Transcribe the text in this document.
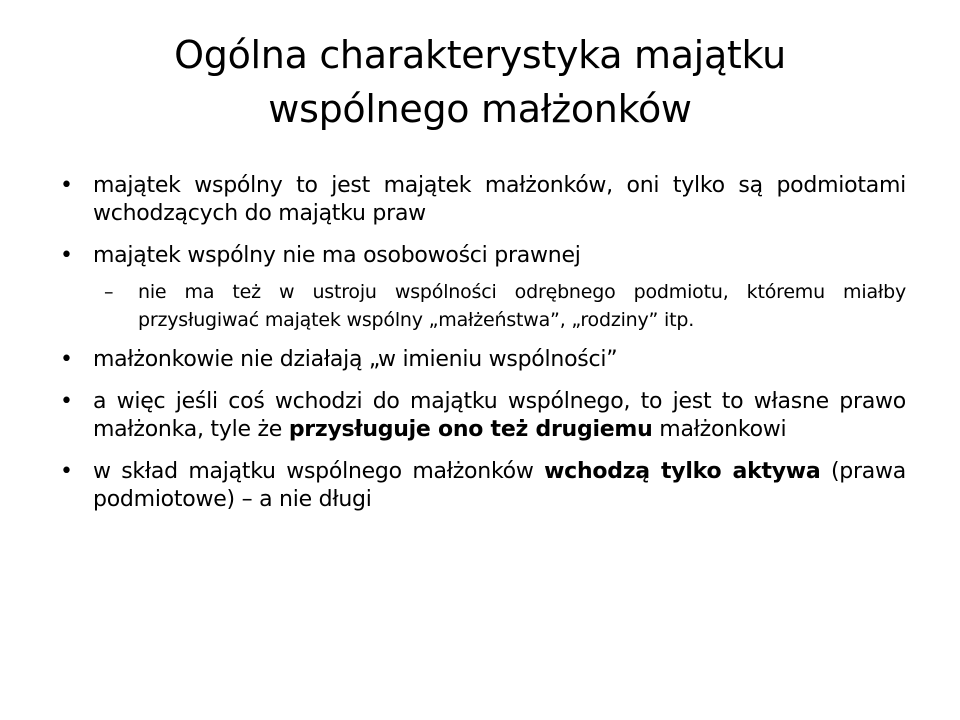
Ogólna charakterystyka majątku wspólnego małżonków
• majątek wspólny to jest majątek małżonków, oni tylko są podmiotami wchodzących do majątku praw
• majątek wspólny nie ma osobowości prawnej
– nie ma też w ustroju wspólności odrębnego podmiotu, któremu miałby przysługiwać majątek wspólny „małżeństwa”, „rodziny” itp.
• małżonkowie nie działają „w imieniu wspólności”
• a więc jeśli coś wchodzi do majątku wspólnego, to jest to własne prawo małżonka, tyle że przysługuje ono też drugiemu małżonkowi
• w skład majątku wspólnego małżonków wchodzą tylko aktywa (prawa podmiotowe) – a nie długi
